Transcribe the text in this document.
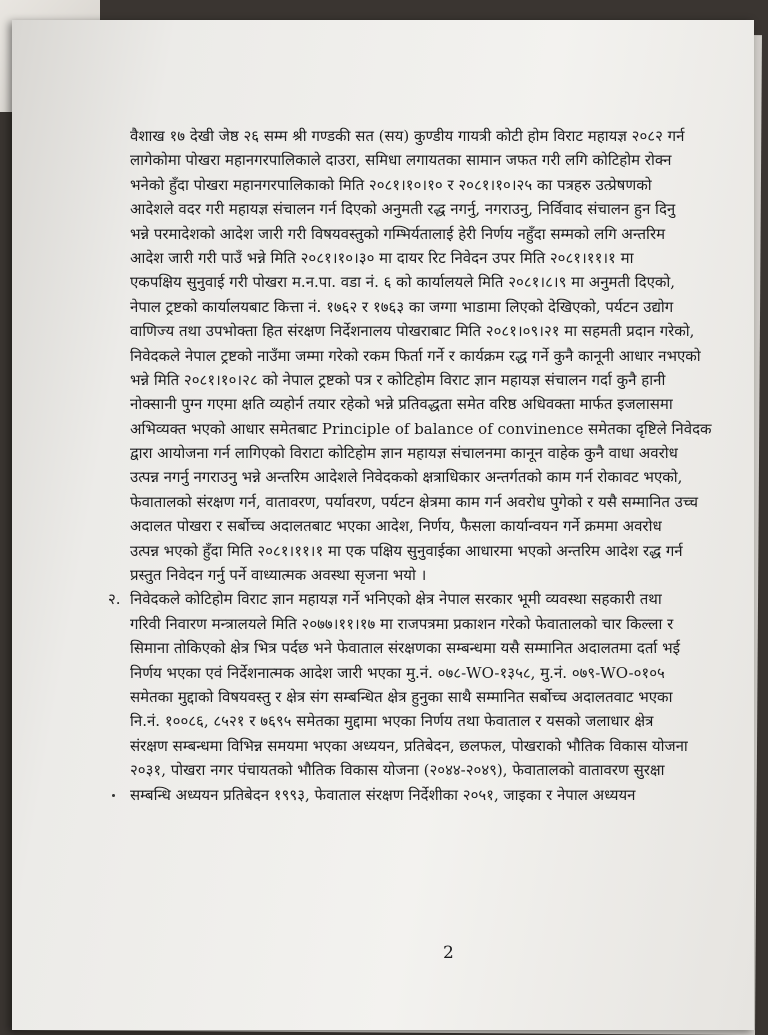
वैशाख १७ देखी जेष्ठ २६ सम्म श्री गण्डकी सत (सय) कुण्डीय गायत्री कोटी होम विराट महायज्ञ २०८२ गर्न
लागेकोमा पोखरा महानगरपालिकाले दाउरा, समिधा लगायतका सामान जफत गरी लगि कोटिहोम रोक्न
भनेको हुँदा पोखरा महानगरपालिकाको मिति २०८१।१०।१० र २०८१।१०।२५ का पत्रहरु उत्प्रेषणको
आदेशले वदर गरी महायज्ञ संचालन गर्न दिएको अनुमती रद्ध नगर्नु, नगराउनु, निर्विवाद संचालन हुन दिनु
भन्ने परमादेशको आदेश जारी गरी विषयवस्तुको गम्भिर्यतालाई हेरी निर्णय नहुँदा सम्मको लगि अन्तरिम
आदेश जारी गरी पाउँ भन्ने मिति २०८१।१०।३० मा दायर रिट निवेदन उपर मिति २०८१।११।१ मा
एकपक्षिय सुनुवाई गरी पोखरा म.न.पा. वडा नं. ६ को कार्यालयले मिति २०८१।८।९ मा अनुमती दिएको,
नेपाल ट्रष्टको कार्यालयबाट कित्ता नं. १७६२ र १७६३ का जग्गा भाडामा लिएको देखिएको, पर्यटन उद्योग
वाणिज्य तथा उपभोक्ता हित संरक्षण निर्देशनालय पोखराबाट मिति २०८१।०९।२१ मा सहमती प्रदान गरेको,
निवेदकले नेपाल ट्रष्टको नाउँमा जम्मा गरेको रकम फिर्ता गर्ने र कार्यक्रम रद्ध गर्ने कुनै कानूनी आधार नभएको
भन्ने मिति २०८१।१०।२८ को नेपाल ट्रष्टको पत्र र कोटिहोम विराट ज्ञान महायज्ञ संचालन गर्दा कुनै हानी
नोक्सानी पुग्न गएमा क्षति व्यहोर्न तयार रहेको भन्ने प्रतिवद्धता समेत वरिष्ठ अधिवक्ता मार्फत इजलासमा
अभिव्यक्त भएको आधार समेतबाट Principle of balance of convinence समेतका दृष्टिले निवेदक
द्वारा आयोजना गर्न लागिएको विराटा कोटिहोम ज्ञान महायज्ञ संचालनमा कानून वाहेक कुनै वाधा अवरोध
उत्पन्न नगर्नु नगराउनु भन्ने अन्तरिम आदेशले निवेदकको क्षत्राधिकार अन्तर्गतको काम गर्न रोकावट भएको,
फेवातालको संरक्षण गर्न, वातावरण, पर्यावरण, पर्यटन क्षेत्रमा काम गर्न अवरोध पुगेको र यसै सम्मानित उच्च
अदालत पोखरा र सर्बोच्च अदालतबाट भएका आदेश, निर्णय, फैसला कार्यान्वयन गर्ने क्रममा अवरोध
उत्पन्न भएको हुँदा मिति २०८१।११।१ मा एक पक्षिय सुनुवाईका आधारमा भएको अन्तरिम आदेश रद्ध गर्न
प्रस्तुत निवेदन गर्नु पर्ने वाध्यात्मक अवस्था सृजना भयो ।
२. निवेदकले कोटिहोम विराट ज्ञान महायज्ञ गर्ने भनिएको क्षेत्र नेपाल सरकार भूमी व्यवस्था सहकारी तथा
गरिवी निवारण मन्त्रालयले मिति २०७७।११।१७ मा राजपत्रमा प्रकाशन गरेको फेवातालको चार किल्ला र
सिमाना तोकिएको क्षेत्र भित्र पर्दछ भने फेवाताल संरक्षणका सम्बन्धमा यसै सम्मानित अदालतमा दर्ता भई
निर्णय भएका एवं निर्देशनात्मक आदेश जारी भएका मु.नं. ०७८-WO-१३५८, मु.नं. ०७९-WO-०१०५
समेतका मुद्दाको विषयवस्तु र क्षेत्र संग सम्बन्धित क्षेत्र हुनुका साथै सम्मानित सर्बोच्च अदालतवाट भएका
नि.नं. १००८६, ८५२१ र ७६९५ समेतका मुद्दामा भएका निर्णय तथा फेवाताल र यसको जलाधार क्षेत्र
संरक्षण सम्बन्धमा विभिन्न समयमा भएका अध्ययन, प्रतिबेदन, छलफल, पोखराको भौतिक विकास योजना
२०३१, पोखरा नगर पंचायतको भौतिक विकास योजना (२०४४-२०४९), फेवातालको वातावरण सुरक्षा
सम्बन्धि अध्ययन प्रतिबेदन १९९३, फेवाताल संरक्षण निर्देशीका २०५१, जाइका र नेपाल अध्ययन
2
